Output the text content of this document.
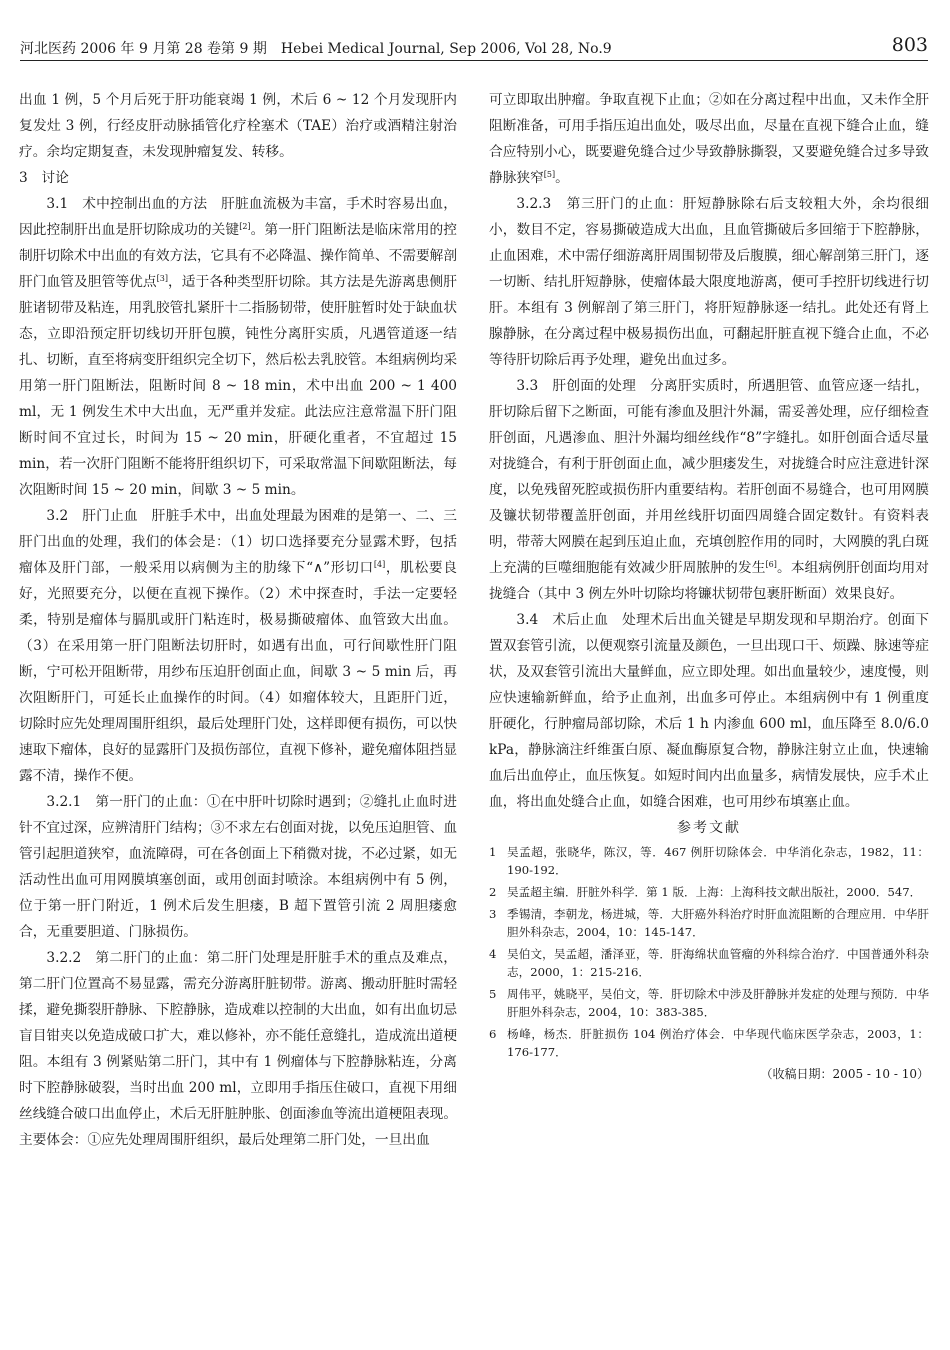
河北医药 2006 年 9 月第 28 卷第 9 期　Hebei Medical Journal, Sep 2006, Vol 28, No.9	803

出血 1 例，5 个月后死于肝功能衰竭 1 例，术后 6 ~ 12 个月发现肝内复发灶 3 例，行经皮肝动脉插管化疗栓塞术（TAE）治疗或酒精注射治疗。余均定期复查，未发现肿瘤复发、转移。

3　讨论

3.1　术中控制出血的方法　肝脏血流极为丰富，手术时容易出血，因此控制肝出血是肝切除成功的关键[2]。第一肝门阻断法是临床常用的控制肝切除术中出血的有效方法，它具有不必降温、操作简单、不需要解剖肝门血管及胆管等优点[3]，适于各种类型肝切除。其方法是先游离患侧肝脏诸韧带及粘连，用乳胶管扎紧肝十二指肠韧带，使肝脏暂时处于缺血状态，立即沿预定肝切线切开肝包膜，钝性分离肝实质，凡遇管道逐一结扎、切断，直至将病变肝组织完全切下，然后松去乳胶管。本组病例均采用第一肝门阻断法，阻断时间 8 ~ 18 min，术中出血 200 ~ 1 400 ml，无 1 例发生术中大出血，无严重并发症。此法应注意常温下肝门阻断时间不宜过长，时间为 15 ~ 20 min，肝硬化重者，不宜超过 15 min，若一次肝门阻断不能将肝组织切下，可采取常温下间歇阻断法，每次阻断时间 15 ~ 20 min，间歇 3 ~ 5 min。

3.2　肝门止血　肝脏手术中，出血处理最为困难的是第一、二、三肝门出血的处理，我们的体会是：（1）切口选择要充分显露术野，包括瘤体及肝门部，一般采用以病侧为主的肋缘下“∧”形切口[4]，肌松要良好，光照要充分，以便在直视下操作。（2）术中探查时，手法一定要轻柔，特别是瘤体与膈肌或肝门粘连时，极易撕破瘤体、血管致大出血。（3）在采用第一肝门阻断法切肝时，如遇有出血，可行间歇性肝门阻断，宁可松开阻断带，用纱布压迫肝创面止血，间歇 3 ~ 5 min 后，再次阻断肝门，可延长止血操作的时间。（4）如瘤体较大，且距肝门近，切除时应先处理周围肝组织，最后处理肝门处，这样即便有损伤，可以快速取下瘤体，良好的显露肝门及损伤部位，直视下修补，避免瘤体阻挡显露不清，操作不便。

3.2.1　第一肝门的止血：①在中肝叶切除时遇到；②缝扎止血时进针不宜过深，应辨清肝门结构；③不求左右创面对拢，以免压迫胆管、血管引起胆道狭窄，血流障碍，可在各创面上下稍微对拢，不必过紧，如无活动性出血可用网膜填塞创面，或用创面封喷涂。本组病例中有 5 例，位于第一肝门附近，1 例术后发生胆瘘，B 超下置管引流 2 周胆瘘愈合，无重要胆道、门脉损伤。

3.2.2　第二肝门的止血：第二肝门处理是肝脏手术的重点及难点，第二肝门位置高不易显露，需充分游离肝脏韧带。游离、搬动肝脏时需轻揉，避免撕裂肝静脉、下腔静脉，造成难以控制的大出血，如有出血切忌盲目钳夹以免造成破口扩大，难以修补，亦不能任意缝扎，造成流出道梗阻。本组有 3 例紧贴第二肝门，其中有 1 例瘤体与下腔静脉粘连，分离时下腔静脉破裂，当时出血 200 ml，立即用手指压住破口，直视下用细丝线缝合破口出血停止，术后无肝脏肿胀、创面渗血等流出道梗阻表现。主要体会：①应先处理周围肝组织，最后处理第二肝门处，一旦出血

可立即取出肿瘤。争取直视下止血；②如在分离过程中出血，又未作全肝阻断准备，可用手指压迫出血处，吸尽出血，尽量在直视下缝合止血，缝合应特别小心，既要避免缝合过少导致静脉撕裂，又要避免缝合过多导致静脉狭窄[5]。

3.2.3　第三肝门的止血：肝短静脉除右后支较粗大外，余均很细小，数目不定，容易撕破造成大出血，且血管撕破后多回缩于下腔静脉，止血困难，术中需仔细游离肝周围韧带及后腹膜，细心解剖第三肝门，逐一切断、结扎肝短静脉，使瘤体最大限度地游离，便可手控肝切线进行切肝。本组有 3 例解剖了第三肝门，将肝短静脉逐一结扎。此处还有肾上腺静脉，在分离过程中极易损伤出血，可翻起肝脏直视下缝合止血，不必等待肝切除后再予处理，避免出血过多。

3.3　肝创面的处理　分离肝实质时，所遇胆管、血管应逐一结扎，肝切除后留下之断面，可能有渗血及胆汁外漏，需妥善处理，应仔细检查肝创面，凡遇渗血、胆汁外漏均细丝线作“8”字缝扎。如肝创面合适尽量对拢缝合，有利于肝创面止血，减少胆瘘发生，对拢缝合时应注意进针深度，以免残留死腔或损伤肝内重要结构。若肝创面不易缝合，也可用网膜及镰状韧带覆盖肝创面，并用丝线肝切面四周缝合固定数针。有资料表明，带蒂大网膜在起到压迫止血，充填创腔作用的同时，大网膜的乳白斑上充满的巨噬细胞能有效减少肝周脓肿的发生[6]。本组病例肝创面均用对拢缝合（其中 3 例左外叶切除均将镰状韧带包裹肝断面）效果良好。

3.4　术后止血　处理术后出血关键是早期发现和早期治疗。创面下置双套管引流，以便观察引流量及颜色，一旦出现口干、烦躁、脉速等症状，及双套管引流出大量鲜血，应立即处理。如出血量较少，速度慢，则应快速输新鲜血，给予止血剂，出血多可停止。本组病例中有 1 例重度肝硬化，行肿瘤局部切除，术后 1 h 内渗血 600 ml，血压降至 8.0/6.0 kPa，静脉滴注纤维蛋白原、凝血酶原复合物，静脉注射立止血，快速输血后出血停止，血压恢复。如短时间内出血量多，病情发展快，应手术止血，将出血处缝合止血，如缝合困难，也可用纱布填塞止血。

参考文献

1 吴孟超，张晓华，陈汉，等．467 例肝切除体会．中华消化杂志，1982，11：190-192．
2 吴孟超主编．肝脏外科学．第 1 版．上海：上海科技文献出版社，2000．547．
3 季锡清，李朝龙，杨进城，等．大肝癌外科治疗时肝血流阻断的合理应用．中华肝胆外科杂志，2004，10：145-147．
4 吴伯文，吴孟超，潘泽亚，等．肝海绵状血管瘤的外科综合治疗．中国普通外科杂志，2000，1：215-216．
5 周伟平，姚晓平，吴伯文，等．肝切除术中涉及肝静脉并发症的处理与预防．中华肝胆外科杂志，2004，10：383-385．
6 杨峰，杨杰．肝脏损伤 104 例治疗体会．中华现代临床医学杂志，2003，1：176-177．
（收稿日期：2005 - 10 - 10）
